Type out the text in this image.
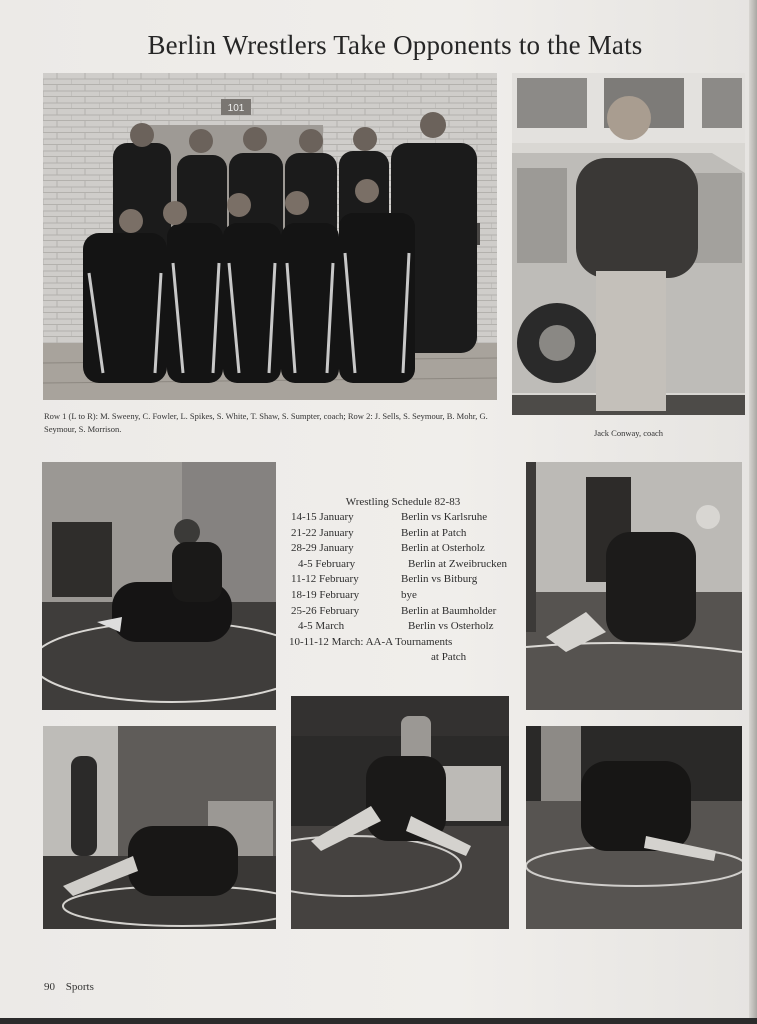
Berlin Wrestlers Take Opponents to the Mats
101
Row 1 (L to R): M. Sweeny, C. Fowler, L. Spikes, S. White, T. Shaw, S. Sumpter, coach; Row 2: J. Sells, S. Seymour, B. Mohr, G. Seymour, S. Morrison.	Jack Conway, coach
Wrestling Schedule 82-83
14-15 January	Berlin vs Karlsruhe
21-22 January	Berlin at Patch
28-29 January	Berlin at Osterholz
4-5 February	Berlin at Zweibrucken
11-12 February	Berlin vs Bitburg
18-19 February	bye
25-26 February	Berlin at Baumholder
4-5 March	Berlin vs Osterholz
10-11-12 March: AA-A Tournaments
at Patch
90 Sports
